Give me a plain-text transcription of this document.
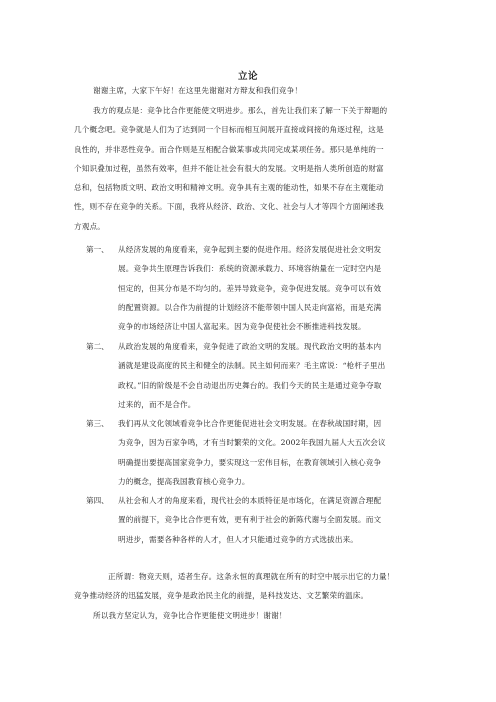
立论
谢谢主席，大家下午好！在这里先谢谢对方辩友和我们竞争！
我方的观点是：竞争比合作更能使文明进步。那么，首先让我们来了解一下关于辩题的
几个概念吧。竞争就是人们为了达到同一个目标而相互间展开直接或间接的角逐过程，这是
良性的，并非恶性竞争。而合作则是互相配合做某事或共同完成某项任务。那只是单纯的一
个知识叠加过程，虽然有效率，但并不能让社会有很大的发展。文明是指人类所创造的财富
总和，包括物质文明、政治文明和精神文明。竞争具有主观的能动性，如果不存在主观能动
性，则不存在竞争的关系。下面，我将从经济、政治、文化、社会与人才等四个方面阐述我
方观点。
第一、 从经济发展的角度看来，竞争起到主要的促进作用。经济发展促进社会文明发
展。竞争共生原理告诉我们：系统的资源承载力、环境容纳量在一定时空内是
恒定的，但其分布是不均匀的。差异导致竞争，竞争促进发展。竞争可以有效
的配置资源。以合作为前提的计划经济不能带领中国人民走向富裕，而是充满
竞争的市场经济让中国人富起来。因为竞争促使社会不断推进科技发展。
第二、 从政治发展的角度看来，竞争促进了政治文明的发展。现代政治文明的基本内
涵就是建设高度的民主和健全的法制。民主如何而来？毛主席说：“枪杆子里出
政权。”旧的阶级是不会自动退出历史舞台的。我们今天的民主是通过竞争夺取
过来的，而不是合作。
第三、 我们再从文化领域看竞争比合作更能促进社会文明发展。在春秋战国时期，因
为竞争，因为百家争鸣，才有当时繁荣的文化。2002年我国九届人大五次会议
明确提出要提高国家竞争力，要实现这一宏伟目标，在教育领域引入核心竞争
力的概念，提高我国教育核心竞争力。
第四、 从社会和人才的角度来看，现代社会的本质特征是市场化，在满足资源合理配
置的前提下，竞争比合作更有效，更有利于社会的新陈代谢与全面发展。而文
明进步，需要各种各样的人才，但人才只能通过竞争的方式选拔出来。
正所谓：物竞天则，适者生存。这条永恒的真理就在所有的时空中展示出它的力量！
竞争推动经济的迅猛发展，竞争是政治民主化的前提，是科技发达、文艺繁荣的温床。
所以我方坚定认为，竞争比合作更能使文明进步！谢谢！
